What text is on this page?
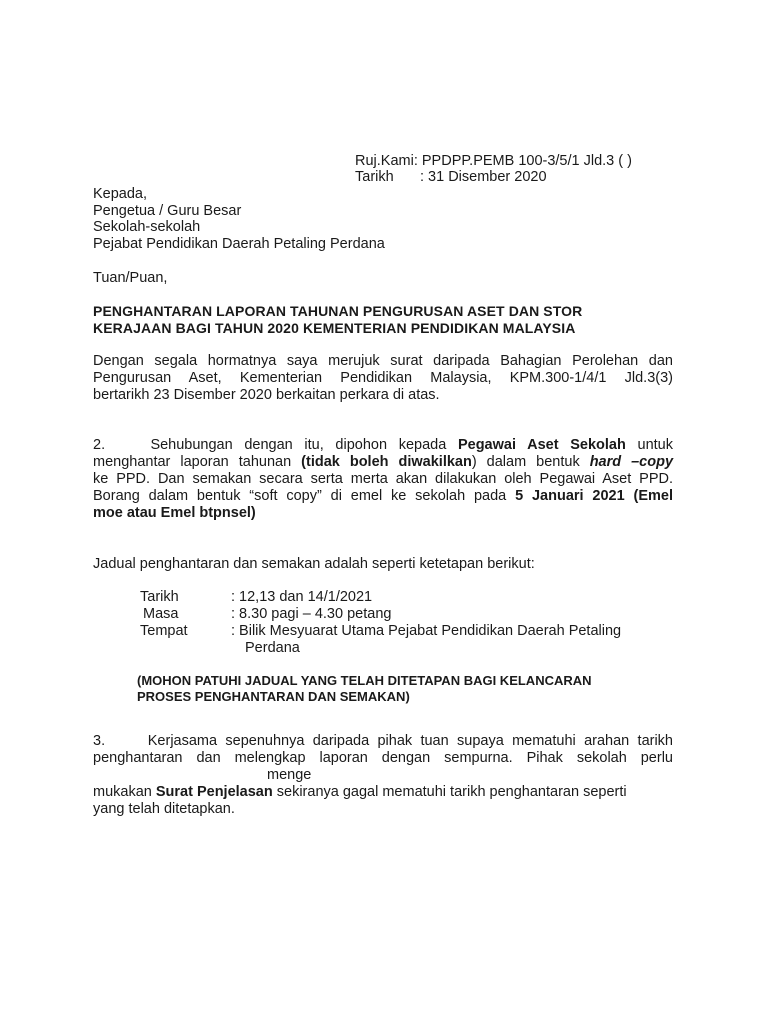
Ruj.Kami: PPDPP.PEMB 100-3/5/1 Jld.3 ( )
Tarikh : 31 Disember 2020
Kepada,
Pengetua / Guru Besar
Sekolah-sekolah
Pejabat Pendidikan Daerah Petaling Perdana
Tuan/Puan,
PENGHANTARAN LAPORAN TAHUNAN PENGURUSAN ASET DAN STOR
KERAJAAN BAGI TAHUN 2020 KEMENTERIAN PENDIDIKAN MALAYSIA
Dengan segala hormatnya saya merujuk surat daripada Bahagian Perolehan dan
Pengurusan Aset, Kementerian Pendidikan Malaysia, KPM.300-1/4/1 Jld.3(3)
bertarikh 23 Disember 2020 berkaitan perkara di atas.
2.	Sehubungan dengan itu, dipohon kepada Pegawai Aset Sekolah untuk
menghantar laporan tahunan (tidak boleh diwakilkan) dalam bentuk hard –copy
ke PPD. Dan semakan secara serta merta akan dilakukan oleh Pegawai Aset PPD.
Borang dalam bentuk “soft copy” di emel ke sekolah pada 5 Januari 2021 (Emel
moe atau Emel btpnsel)
Jadual penghantaran dan semakan adalah seperti ketetapan berikut:
Tarikh	: 12,13 dan 14/1/2021
Masa	: 8.30 pagi – 4.30 petang
Tempat	: Bilik Mesyuarat Utama Pejabat Pendidikan Daerah Petaling
Perdana
(MOHON PATUHI JADUAL YANG TELAH DITETAPAN BAGI KELANCARAN
PROSES PENGHANTARAN DAN SEMAKAN)
3.	Kerjasama sepenuhnya daripada pihak tuan supaya mematuhi arahan tarikh
penghantaran dan melengkap laporan dengan sempurna. Pihak sekolah perlu
menge
mukakan Surat Penjelasan sekiranya gagal mematuhi tarikh penghantaran seperti
yang telah ditetapkan.
